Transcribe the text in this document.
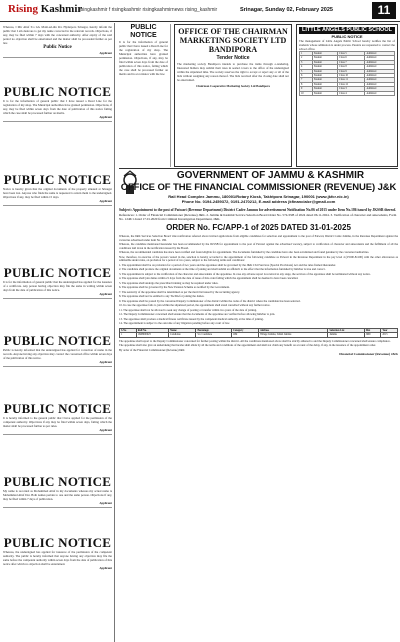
Rising Kashmir
risingkashmir f risingkashmir risingkashmirnews rising_kashmir	Srinagar, Sunday 02, February 2025	11

Whereas, I Mir Altaf S/o Gh. Mohi-ud-din R/o Hyderpora Srinagar, hereby inform the public that I am desirous to get my name corrected in the relevant records. Objections, if any, may be filed within 7 days with the concerned authority. After expiry of the said period no objection shall be entertained and the matter shall be proceeded further as per law.

Public Notice

Applicant

PUBLIC NOTICE

It is for the information of general public that I have issued a Dead Line for the registration of my shop. The Municipal authorities have granted permission. Objections, if any, may be filed within seven days from the date of publication of this notice failing which the case shall be processed further on merits.

Applicant

PUBLIC NOTICE

Notice is hereby given that the original documents of the property situated at Srinagar have been lost. Anyone who finds the same is requested to return them to the undersigned. Objections if any, may be filed within 15 days.

Applicant

PUBLIC NOTICE

It is for the information of general public that the undersigned has applied for the issuance of a certificate. Any person having objection may file the same in writing within seven days from the date of publication of this notice.

Applicant

PUBLIC NOTICE

Public is hereby informed that the undersigned has applied for correction of name in the records. Anyone having any objection may contact the concerned office within seven days of the publication of this notice.

Applicant

PUBLIC NOTICE

It is hereby informed to the general public that I have applied for the permission of the competent authority. Objections if any may be filed within seven days, failing which the matter shall be processed further as per rules.

Applicant

PUBLIC NOTICE

My name is recorded as Mohammad Altaf in my documents whereas my actual name is Mohammad Altaf Dar. Both names pertain to one and the same person. Objections if any, may be filed within 7 days of publication.

Applicant

PUBLIC NOTICE

Whereas, the undersigned has applied for issuance of the permission of the competent authority. The public is hereby informed that anyone having any objection may file the same before the competent authority within seven days from the date of publication of this notice after which no objection shall be entertained.

Applicant

PUBLIC NOTICE

It is for the information of general public that I have issued a Dead Line for the registration of my shop. The Municipal authorities have granted permission. Objections, if any, may be filed within seven days from the date of publication of this notice, failing which the case shall be processed further on merits and in accordance with the law.

OFFICE OF THE CHAIRMAN MARKETING SOCIETY LTD BANDIPORA
Tender Notice

The marketing society Bandipora intends to purchase the items through e-tendering. Interested bidders may submit their rates in sealed covers to the office of the undersigned within the stipulated time. The society reserves the right to accept or reject any or all of the bids without assigning any reason thereof. The bids received after the closing date shall not be entertained.

Chairman Cooperative Marketing Society Ltd Bandipora

LITTLE ANGELS PUBLIC SCHOOL
PUBLIC NOTICE

The management of Little Angels Public School hereby notifies the list of students whose admission is under process. Parents are requested to contact the school office.

1	Student	Class 5	Admitted
2	Student	Class 6	Admitted
3	Student	Class 7	Admitted
4	Student	Class 8	Admitted
5	Student	Class 9	Admitted
6	Student	Class 10	Admitted
7	Student	Class 11	Admitted
8	Student	Class 12	Admitted
9	Student	Class 3	Admitted
10	Student	Class 4	Admitted
GOVERNMENT OF JAMMU & KASHMIR
OFFICE OF THE FINANCIAL COMMISSIONER (REVENUE) J&K
Rail Head Complex Jammu, 180001/Rotary Kiosk, Takhtpora Srinagar, 190001 (www.jkfcr.nic.in)
Phone No. 0194-2459372, 0191-2470212, E-mail address jkfinancialcr@gmail.com

Subject: Appointment to the post of Patwari (Revenue Department) District Cadre Jammu for advertisement Notification No.06 of 2015 under Item No.186 issued by JKSSB thereof.

References: 1. Order of Financial Commissioner (Revenue) J&K. 2. Jammu & Kashmir Service Selection Board Order No. 574-SSB of 2024 dated 06.11.2024. 3. Verification of character and antecedents, Form No. 1246/1 dated 17.01.2020 from Criminal Investigation Department, J&K.

ORDER No. FC/APP-1 of 2025 DATED 31-01-2025

Whereas, the J&K Services Selection Board vide notification referred above invited applications from eligible candidates for selection and appointment to the post of Patwari, District Cadre Jammu, in the Revenue Department against the vacancies advertised under item No. 186.

Whereas, the candidate mentioned hereunder has been recommended by the JKSSB for appointment to the post of Patwari against the advertised vacancy, subject to verification of character and antecedents and the fulfilment of all the conditions laid down in the notification issued by the Board.

Whereas, the recommended candidate has since been verified and found eligible for appointment. The documents furnished by the candidate have also been scrutinized and found genuine by the concerned authorities.

Now, therefore, in exercise of the powers vested in me, sanction is hereby accorded to the appointment of the following candidate as Patwari in the Revenue Department in the pay level 4 (25500-81100) with the other allowances as admissible under rules, on probation for a period of two years, subject to the following terms and conditions:

1. The appointment shall be on probation for a period of two years and the appointee shall be governed by the J&K Civil Services (Special Provisions) Act and the rules framed thereunder.

2. The candidate shall produce the original documents at the time of joining and shall submit an affidavit to the effect that the information furnished by him/her is true and correct.

3. The appointment is subject to the verification of the character and antecedents of the appointee. In case any adverse report is received at any stage, the services of the appointee shall be terminated without any notice.

4. The appointee shall join duties within 21 days from the date of issue of this order failing which the appointment shall be deemed to have been cancelled.

5. The appointee shall undergo the prescribed training as may be required under rules.

6. The appointee shall be governed by the New Pension Scheme as notified by the Government.

7. The seniority of the appointee shall be determined as per the merit list issued by the recruiting agency.

8. The appointee shall not be entitled to any TA/DA for joining the duties.

9. The appointee shall be posted by the concerned Deputy Commissioner of the district within the cadre of the district where the candidate has been selected.

10. In case the appointee fails to join within the stipulated period, the appointment shall stand cancelled without any further notice.

11. The appointee shall not be allowed to seek any change of posting or transfer within two years of the date of joining.

12. The Deputy Commissioner concerned shall ensure that the documents of the appointee are verified before allowing him/her to join.

13. The appointee shall produce a medical fitness certificate issued by the competent medical authority at the time of joining.

14. The appointment is subject to the outcome of any litigation pending before any court of law.

S.No	Roll No.	Name	Parentage	Category	Address	Selection List	Dist	Year
1	1608000023	Candidate	S/o Candidate	OM	Village Jammu, Tehsil Jammu	Jammu	JMU	2015

The appointee shall report to the Deputy Commissioner concerned for further posting within the district. All the conditions mentioned above shall be strictly adhered to and the Deputy Commissioner concerned shall ensure compliance.

The appointee shall also give an undertaking that he/she shall abide by all the terms and conditions of the appointment and shall not claim any benefit on account of the delay, if any, in the issuance of the appointment order.

By order of the Financial Commissioner (Revenue) J&K

Financial Commissioner (Revenue) J&K
